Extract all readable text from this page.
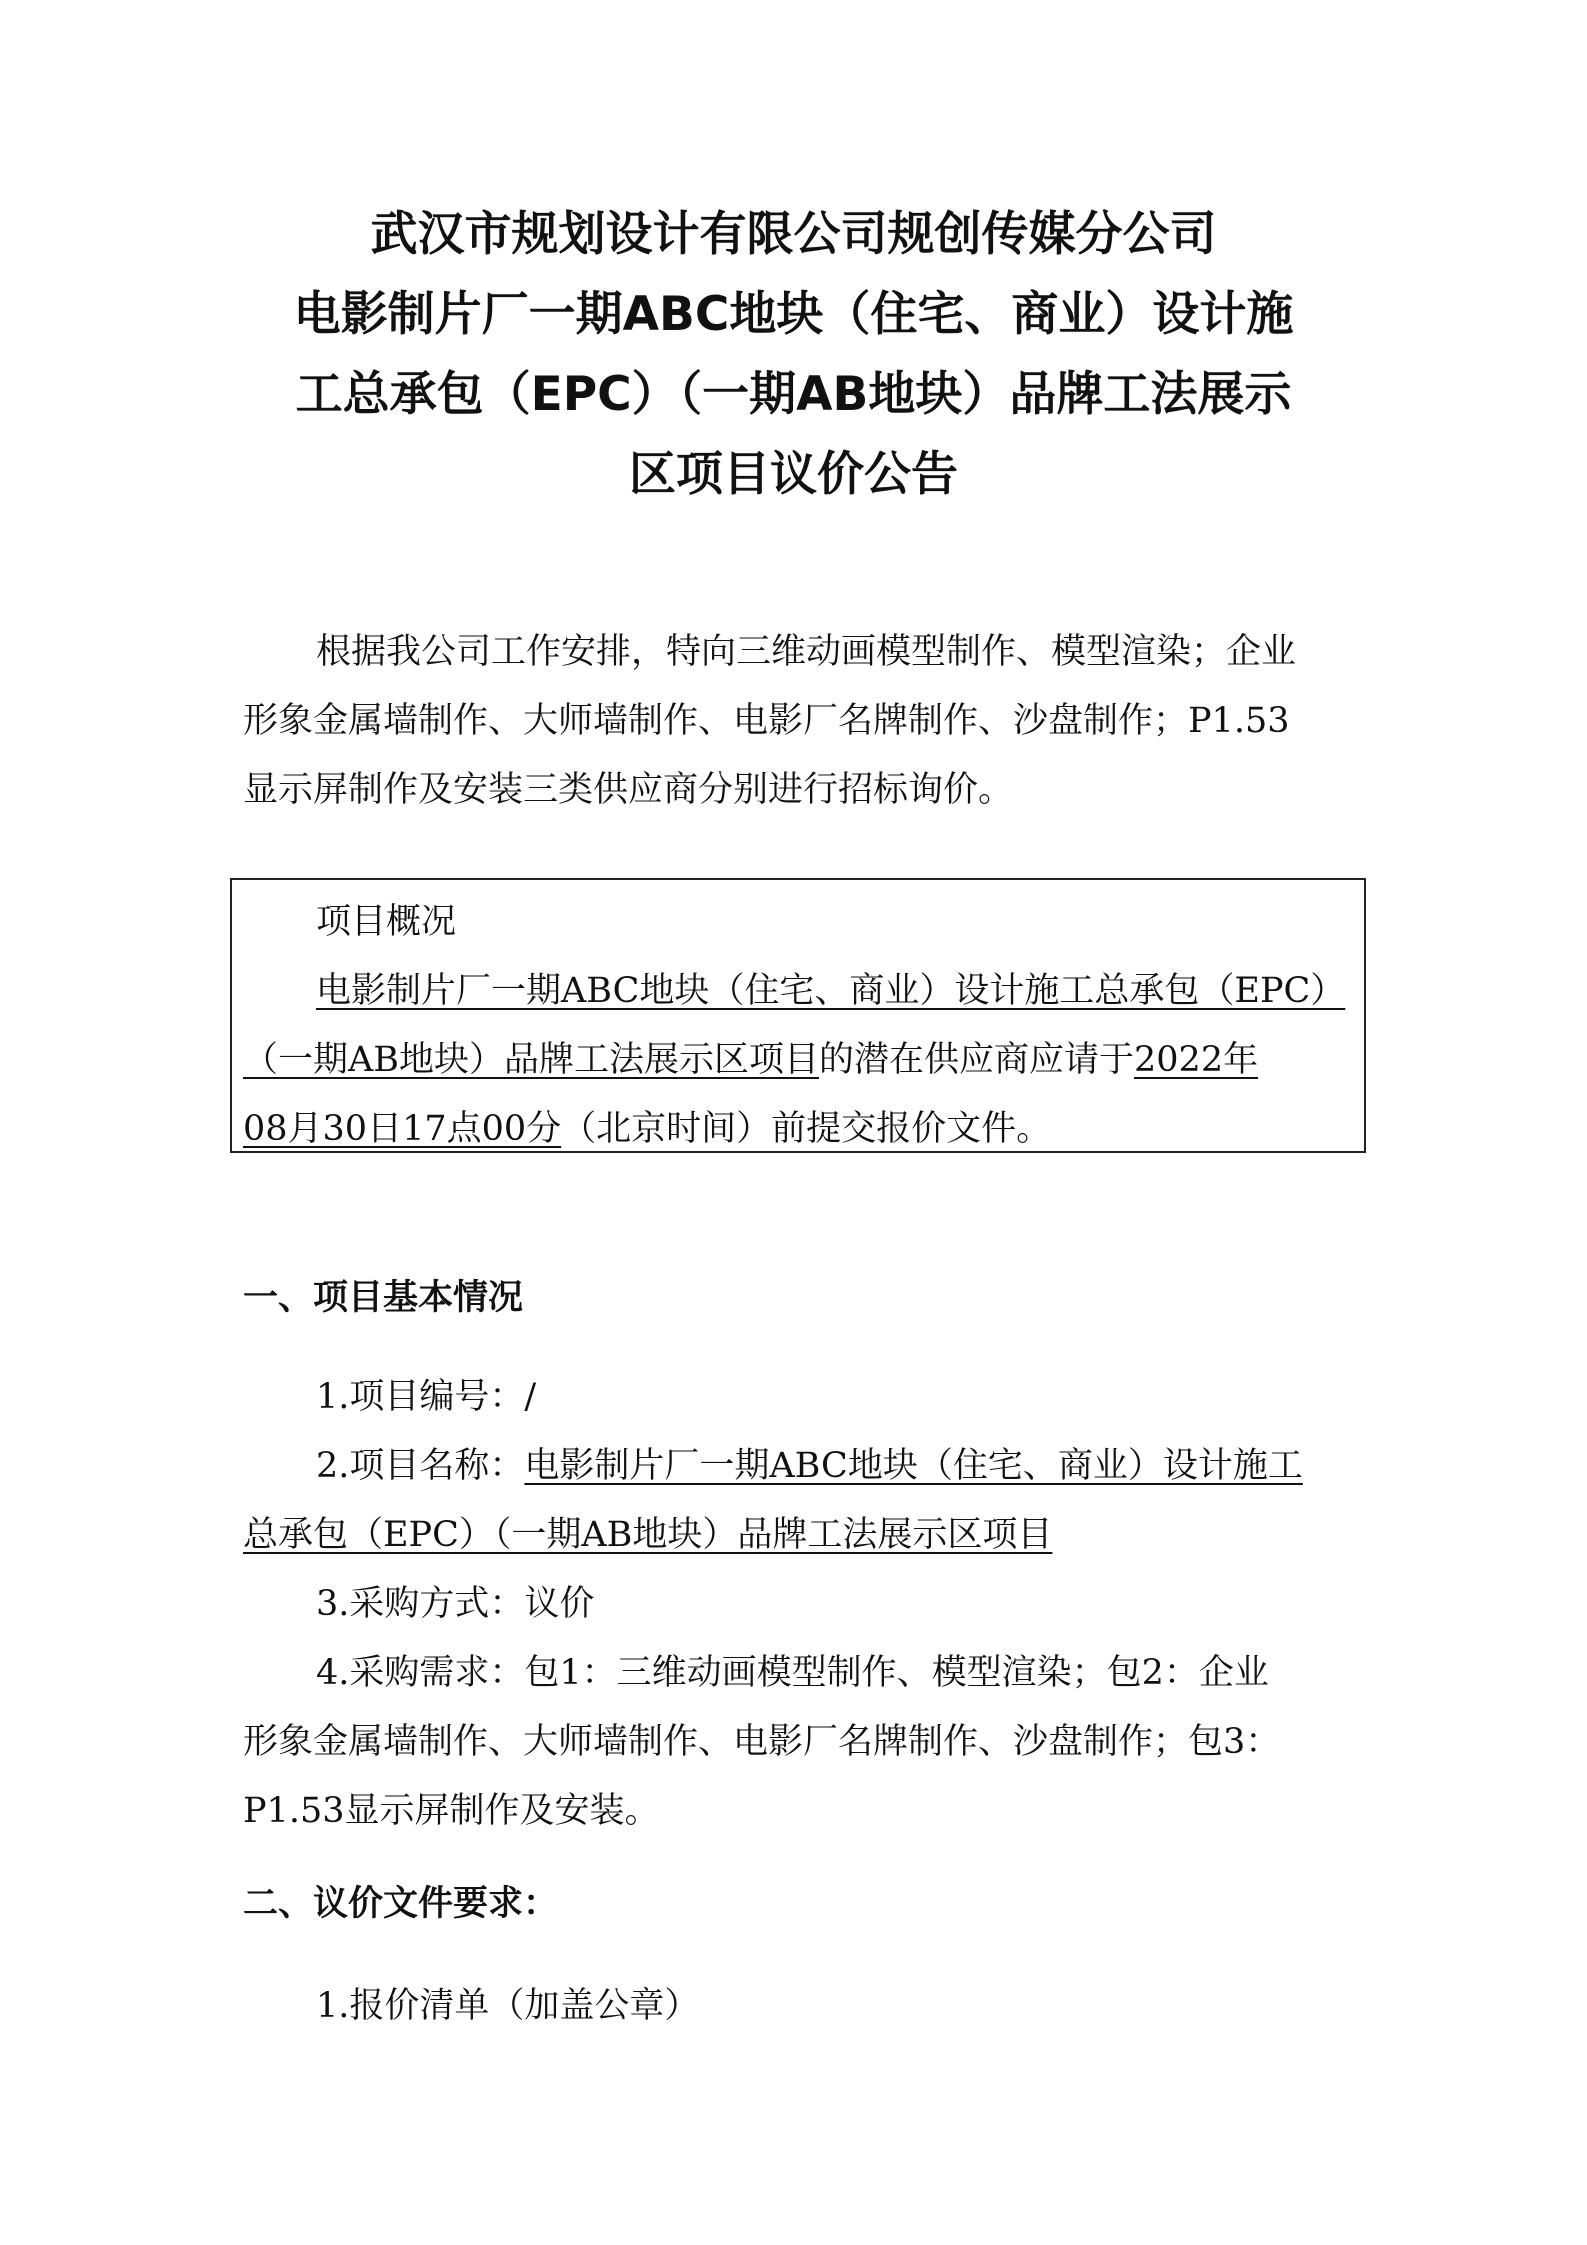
武汉市规划设计有限公司规创传媒分公司
电影制片厂一期ABC地块（住宅、商业）设计施
工总承包（EPC）（一期AB地块）品牌工法展示
区项目议价公告
根据我公司工作安排，特向三维动画模型制作、模型渲染；企业
形象金属墙制作、大师墙制作、电影厂名牌制作、沙盘制作；P1.53
显示屏制作及安装三类供应商分别进行招标询价。
项目概况
电影制片厂一期ABC地块（住宅、商业）设计施工总承包（EPC）
（一期AB地块）品牌工法展示区项目的潜在供应商应请于2022年
08月30日17点00分（北京时间）前提交报价文件。
一、项目基本情况
1.项目编号：/
2.项目名称：电影制片厂一期ABC地块（住宅、商业）设计施工
总承包（EPC）（一期AB地块）品牌工法展示区项目
3.采购方式：议价
4.采购需求：包1：三维动画模型制作、模型渲染；包2：企业
形象金属墙制作、大师墙制作、电影厂名牌制作、沙盘制作；包3：
P1.53显示屏制作及安装。
二、议价文件要求：
1.报价清单（加盖公章）
